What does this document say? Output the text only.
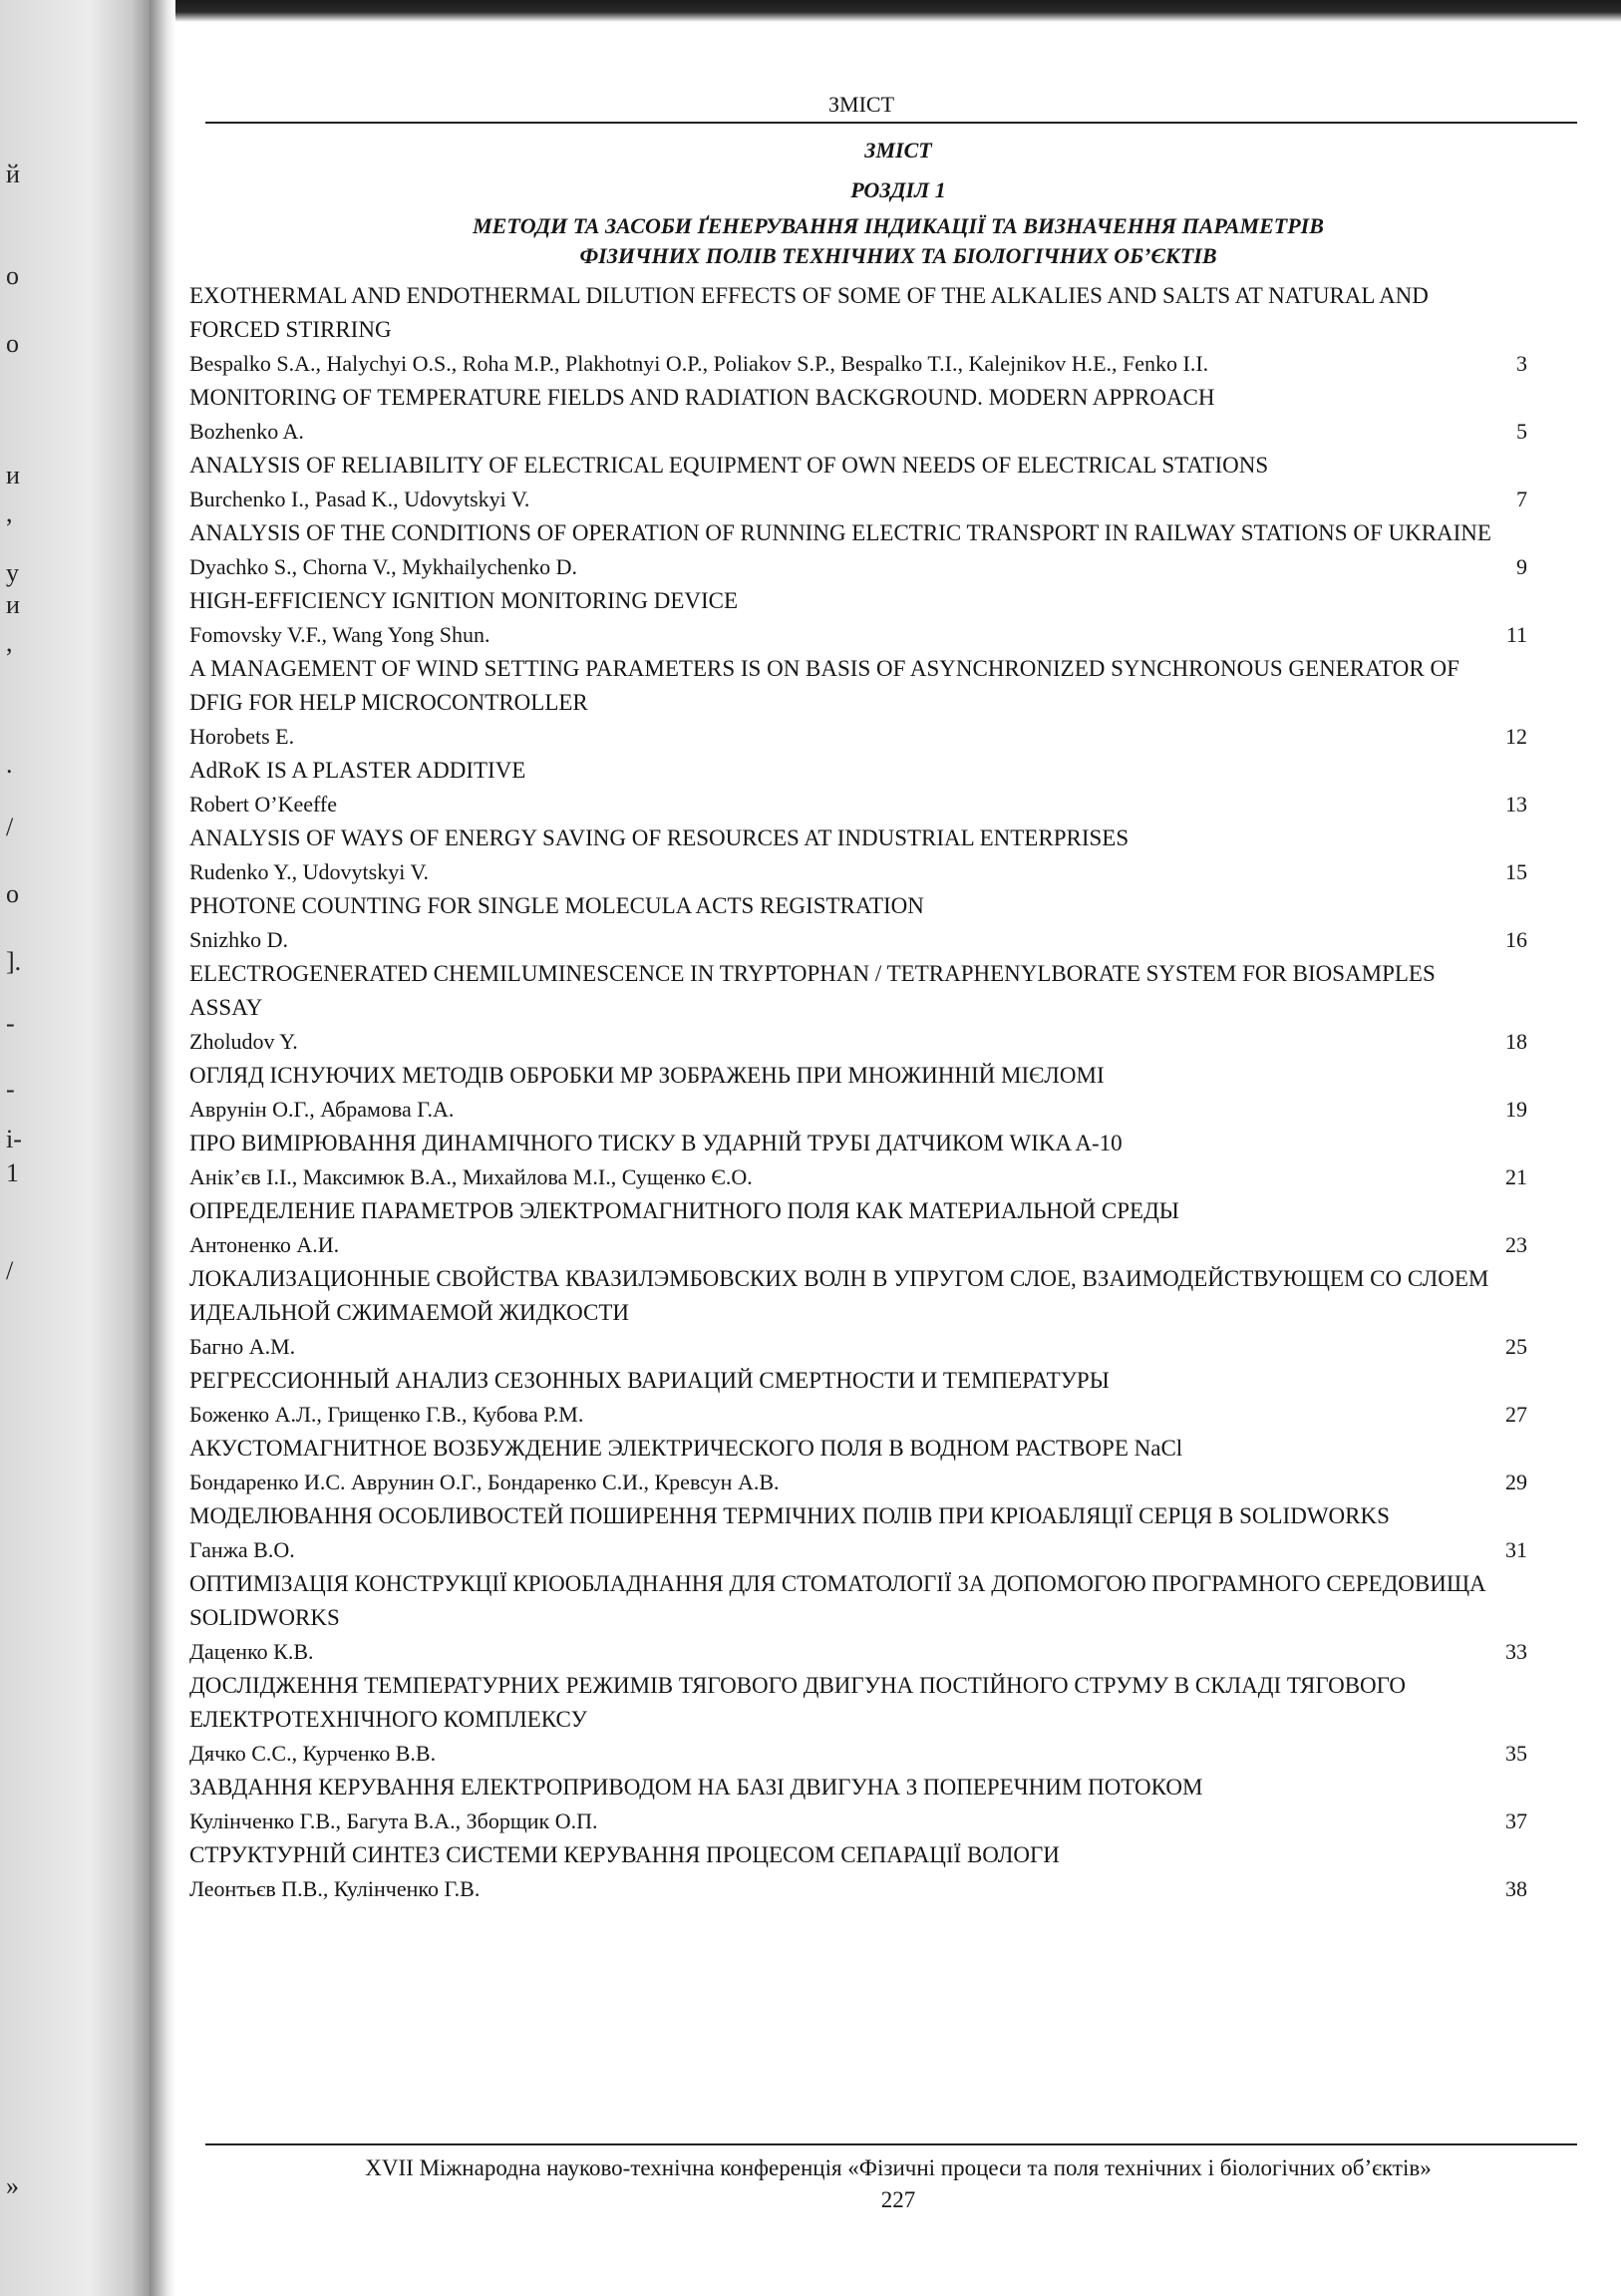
й
о
о
и
,
у
и
,
.
/
о
].
-
-
і-
1
/
»
ЗМІСТ
ЗМІСТ
РОЗДІЛ 1
МЕТОДИ ТА ЗАСОБИ ҐЕНЕРУВАННЯ ІНДИКАЦІЇ ТА ВИЗНАЧЕННЯ ПАРАМЕТРІВ
ФІЗИЧНИХ ПОЛІВ ТЕХНІЧНИХ ТА БІОЛОГІЧНИХ ОБ’ЄКТІВ
EXOTHERMAL AND ENDOTHERMAL DILUTION EFFECTS OF SOME OF THE ALKALIES AND SALTS AT NATURAL AND FORCED STIRRING
Bespalko S.A., Halychyi O.S., Roha M.P., Plakhotnyi O.P., Poliakov S.P., Bespalko T.I., Kalejnikov H.E., Fenko I.I.	3
MONITORING OF TEMPERATURE FIELDS AND RADIATION BACKGROUND. MODERN APPROACH
Bozhenko A.	5
ANALYSIS OF RELIABILITY OF ELECTRICAL EQUIPMENT OF OWN NEEDS OF ELECTRICAL STATIONS
Burchenko I., Pasad K., Udovytskyi V.	7
ANALYSIS OF THE CONDITIONS OF OPERATION OF RUNNING ELECTRIC TRANSPORT IN RAILWAY STATIONS OF UKRAINE
Dyachko S., Chorna V., Mykhailychenko D.	9
HIGH-EFFICIENCY IGNITION MONITORING DEVICE
Fomovsky V.F., Wang Yong Shun.	11
A MANAGEMENT OF WIND SETTING PARAMETERS IS ON BASIS OF ASYNCHRONIZED SYNCHRONOUS GENERATOR OF DFIG FOR HELP MICROCONTROLLER
Horobets E.	12
AdRoK IS A PLASTER ADDITIVE
Robert O’Keeffe	13
ANALYSIS OF WAYS OF ENERGY SAVING OF RESOURCES AT INDUSTRIAL ENTERPRISES
Rudenko Y., Udovytskyi V.	15
PHOTONE COUNTING FOR SINGLE MOLECULA ACTS REGISTRATION
Snizhko D.	16
ELECTROGENERATED CHEMILUMINESCENCE IN TRYPTOPHAN / TETRAPHENYLBORATE SYSTEM FOR BIOSAMPLES ASSAY
Zholudov Y.	18
ОГЛЯД ІСНУЮЧИХ МЕТОДІВ ОБРОБКИ МР ЗОБРАЖЕНЬ ПРИ МНОЖИННІЙ МІЄЛОМІ
Аврунін О.Г., Абрамова Г.А.	19
ПРО ВИМІРЮВАННЯ ДИНАМІЧНОГО ТИСКУ В УДАРНІЙ ТРУБІ ДАТЧИКОМ WIKA A-10
Анік’єв І.І., Максимюк В.А., Михайлова М.І., Сущенко Є.О.	21
ОПРЕДЕЛЕНИЕ ПАРАМЕТРОВ ЭЛЕКТРОМАГНИТНОГО ПОЛЯ КАК МАТЕРИАЛЬНОЙ СРЕДЫ
Антоненко А.И.	23
ЛОКАЛИЗАЦИОННЫЕ СВОЙСТВА КВАЗИЛЭМБОВСКИХ ВОЛН В УПРУГОМ СЛОЕ, ВЗАИМОДЕЙСТВУЮЩЕМ СО СЛОЕМ ИДЕАЛЬНОЙ СЖИМАЕМОЙ ЖИДКОСТИ
Багно А.М.	25
РЕГРЕССИОННЫЙ АНАЛИЗ СЕЗОННЫХ ВАРИАЦИЙ СМЕРТНОСТИ И ТЕМПЕРАТУРЫ
Боженко А.Л., Грищенко Г.В., Кубова Р.М.	27
АКУСТОМАГНИТНОЕ ВОЗБУЖДЕНИЕ ЭЛЕКТРИЧЕСКОГО ПОЛЯ В ВОДНОМ РАСТВОРЕ NaCl
Бондаренко И.С. Аврунин О.Г., Бондаренко С.И., Кревсун А.В.	29
МОДЕЛЮВАННЯ ОСОБЛИВОСТЕЙ ПОШИРЕННЯ ТЕРМІЧНИХ ПОЛІВ ПРИ КРІОАБЛЯЦІЇ СЕРЦЯ В SOLIDWORKS
Ганжа В.О.	31
ОПТИМІЗАЦІЯ КОНСТРУКЦІЇ КРІООБЛАДНАННЯ ДЛЯ СТОМАТОЛОГІЇ ЗА ДОПОМОГОЮ ПРОГРАМНОГО СЕРЕДОВИЩА SOLIDWORKS
Даценко К.В.	33
ДОСЛІДЖЕННЯ ТЕМПЕРАТУРНИХ РЕЖИМІВ ТЯГОВОГО ДВИГУНА ПОСТІЙНОГО СТРУМУ В СКЛАДІ ТЯГОВОГО ЕЛЕКТРОТЕХНІЧНОГО КОМПЛЕКСУ
Дячко С.С., Курченко В.В.	35
ЗАВДАННЯ КЕРУВАННЯ ЕЛЕКТРОПРИВОДОМ НА БАЗІ ДВИГУНА З ПОПЕРЕЧНИМ ПОТОКОМ
Кулінченко Г.В., Багута В.А., Зборщик О.П.	37
СТРУКТУРНІЙ СИНТЕЗ СИСТЕМИ КЕРУВАННЯ ПРОЦЕСОМ СЕПАРАЦІЇ ВОЛОГИ
Леонтьєв П.В., Кулінченко Г.В.	38
XVII Міжнародна науково-технічна конференція «Фізичні процеси та поля технічних і біологічних об’єктів»
227
